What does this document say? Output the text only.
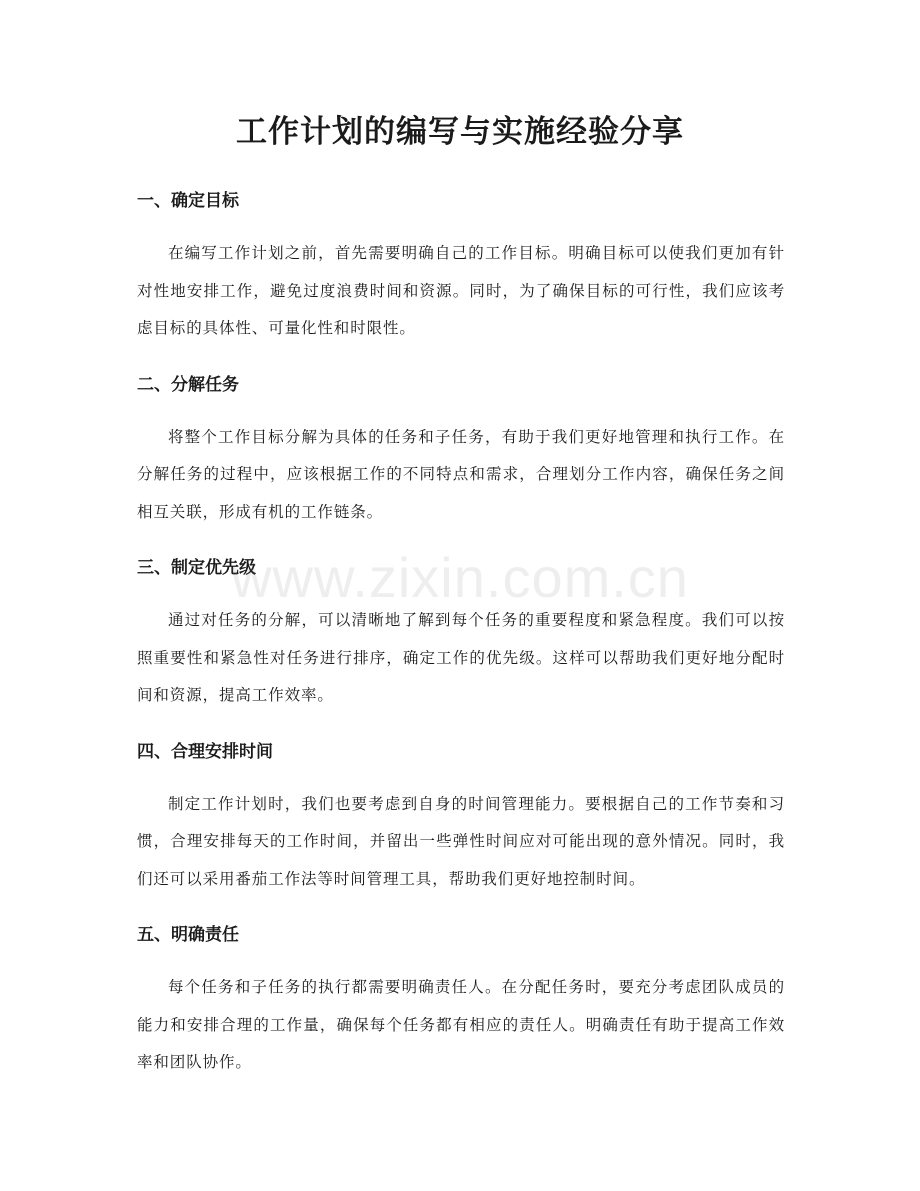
工作计划的编写与实施经验分享
一、确定目标

在编写工作计划之前，首先需要明确自己的工作目标。明确目标可以使我们更加有针对性地安排工作，避免过度浪费时间和资源。同时，为了确保目标的可行性，我们应该考虑目标的具体性、可量化性和时限性。

二、分解任务

将整个工作目标分解为具体的任务和子任务，有助于我们更好地管理和执行工作。在分解任务的过程中，应该根据工作的不同特点和需求，合理划分工作内容，确保任务之间相互关联，形成有机的工作链条。

三、制定优先级

通过对任务的分解，可以清晰地了解到每个任务的重要程度和紧急程度。我们可以按照重要性和紧急性对任务进行排序，确定工作的优先级。这样可以帮助我们更好地分配时间和资源，提高工作效率。

四、合理安排时间

制定工作计划时，我们也要考虑到自身的时间管理能力。要根据自己的工作节奏和习惯，合理安排每天的工作时间，并留出一些弹性时间应对可能出现的意外情况。同时，我们还可以采用番茄工作法等时间管理工具，帮助我们更好地控制时间。

五、明确责任

每个任务和子任务的执行都需要明确责任人。在分配任务时，要充分考虑团队成员的能力和安排合理的工作量，确保每个任务都有相应的责任人。明确责任有助于提高工作效率和团队协作。

www.zixin.com.cn
